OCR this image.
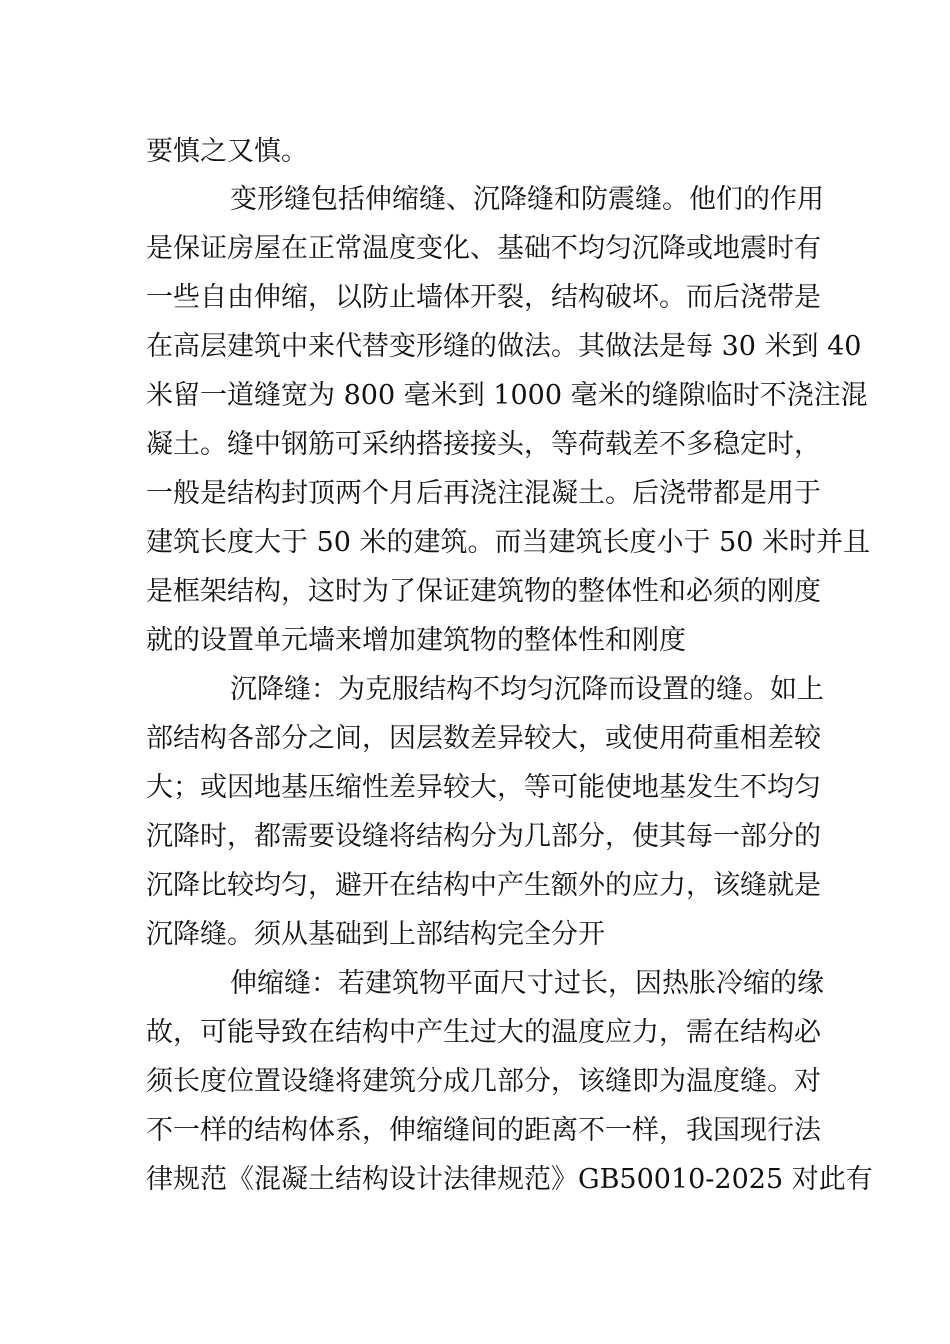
要慎之又慎。
变形缝包括伸缩缝、沉降缝和防震缝。他们的作用
是保证房屋在正常温度变化、基础不均匀沉降或地震时有
一些自由伸缩，以防止墙体开裂，结构破坏。而后浇带是
在高层建筑中来代替变形缝的做法。其做法是每 30 米到 40
米留一道缝宽为 800 毫米到 1000 毫米的缝隙临时不浇注混
凝土。缝中钢筋可采纳搭接接头，等荷载差不多稳定时，
一般是结构封顶两个月后再浇注混凝土。后浇带都是用于
建筑长度大于 50 米的建筑。而当建筑长度小于 50 米时并且
是框架结构，这时为了保证建筑物的整体性和必须的刚度
就的设置单元墙来增加建筑物的整体性和刚度
沉降缝：为克服结构不均匀沉降而设置的缝。如上
部结构各部分之间，因层数差异较大，或使用荷重相差较
大；或因地基压缩性差异较大，等可能使地基发生不均匀
沉降时，都需要设缝将结构分为几部分，使其每一部分的
沉降比较均匀，避开在结构中产生额外的应力，该缝就是
沉降缝。须从基础到上部结构完全分开
伸缩缝：若建筑物平面尺寸过长，因热胀冷缩的缘
故，可能导致在结构中产生过大的温度应力，需在结构必
须长度位置设缝将建筑分成几部分，该缝即为温度缝。对
不一样的结构体系，伸缩缝间的距离不一样，我国现行法
律规范《混凝土结构设计法律规范》GB50010-2025 对此有
